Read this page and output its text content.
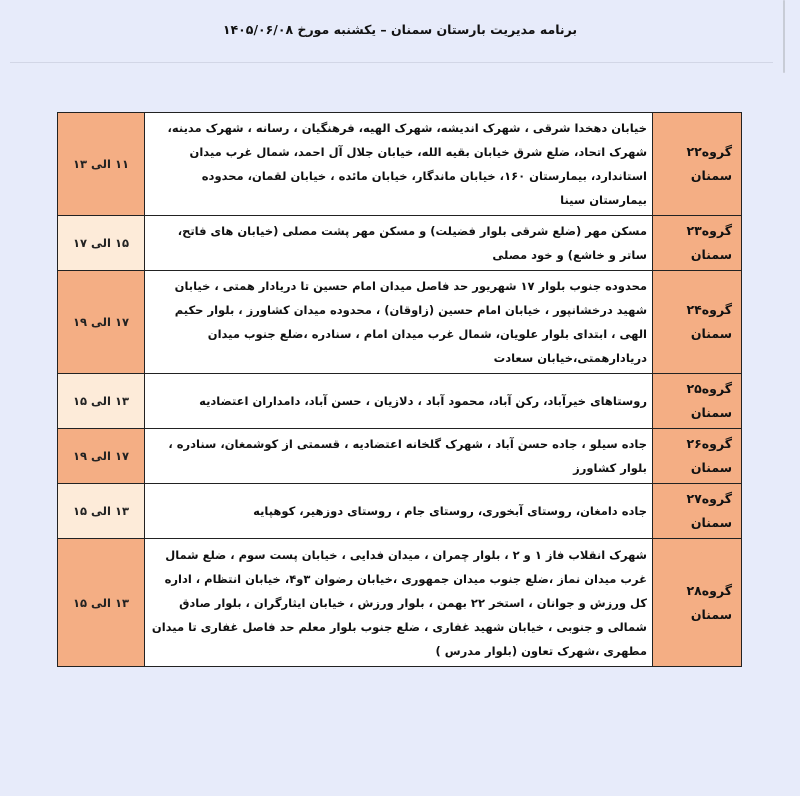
برنامه مدیریت بارستان سمنان – یکشنبه مورخ ۱۴۰۵/۰۶/۰۸
گروه۲۲
سمنان	خیابان دهخدا شرقی ، شهرک اندیشه، شهرک الهیه، فرهنگیان ، رسانه ، شهرک مدینه، شهرک اتحاد، ضلع شرق خیابان بقیه الله، خیابان جلال آل احمد، شمال غرب میدان استاندارد، بیمارستان ۱۶۰، خیابان ماندگار، خیابان مائده ، خیابان لقمان، محدوده بیمارستان سینا	۱۱ الی ۱۳

گروه۲۳
سمنان	مسکن مهر (ضلع شرقی بلوار فضیلت) و مسکن مهر پشت مصلی (خیابان های فاتح، ساتر و خاشع) و خود مصلی	۱۵ الی ۱۷

گروه۲۴
سمنان	محدوده جنوب بلوار ۱۷ شهریور حد فاصل میدان امام حسین تا دریادار همتی ، خیابان شهید درخشانپور ، خیابان امام حسین (زاوقان) ، محدوده میدان کشاورز ، بلوار حکیم الهی ، ابتدای بلوار علویان، شمال غرب میدان امام ، سنادره ،ضلع جنوب میدان دریادارهمتی،خیابان سعادت	۱۷ الی ۱۹

گروه۲۵
سمنان	روستاهای خیرآباد، رکن آباد، محمود آباد ، دلازیان ، حسن آباد، دامداران اعتضادیه	۱۳ الی ۱۵

گروه۲۶
سمنان	جاده سیلو ، جاده حسن آباد ، شهرک گلخانه اعتضادیه ، قسمتی از کوشمغان، سنادره ، بلوار کشاورز	۱۷ الی ۱۹

گروه۲۷
سمنان	جاده دامغان، روستای آبخوری، روستای جام ، روستای دوزهیر، کوهپایه	۱۳ الی ۱۵

گروه۲۸
سمنان	شهرک انقلاب فاز ۱ و ۲ ، بلوار چمران ، میدان فدایی ، خیابان پست سوم ، ضلع شمال غرب میدان نماز ،ضلع جنوب میدان جمهوری ،خیابان رضوان ۳و۴، خیابان انتظام ، اداره کل ورزش و جوانان ، استخر ۲۲ بهمن ، بلوار ورزش ، خیابان ایثارگران ، بلوار صادق شمالی و جنوبی ، خیابان شهید غفاری ، ضلع جنوب بلوار معلم حد فاصل غفاری تا میدان مطهری ،شهرک تعاون (بلوار مدرس )	۱۳ الی ۱۵
